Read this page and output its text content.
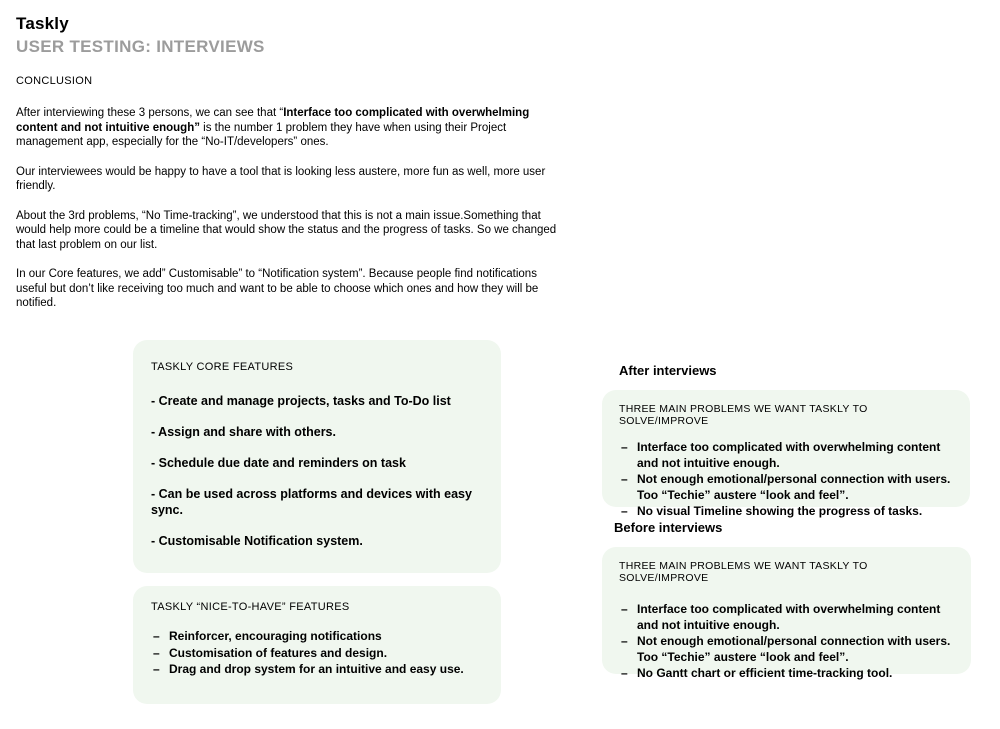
Taskly
USER TESTING: INTERVIEWS
CONCLUSION

After interviewing these 3 persons, we can see that “Interface too complicated with overwhelming content and not intuitive enough” is the number 1 problem they have when using their Project management app, especially for the “No-IT/developers” ones.

Our interviewees would be happy to have a tool that is looking less austere, more fun as well, more user friendly.

About the 3rd problems, “No Time-tracking”, we understood that this is not a main issue.Something that would help more could be a timeline that would show the status and the progress of tasks. So we changed that last problem on our list.

In our Core features, we add” Customisable” to “Notification system”. Because people find notifications useful but don’t like receiving too much and want to be able to choose which ones and how they will be notified.

TASKLY CORE FEATURES
- Create and manage projects, tasks and To-Do list
- Assign and share with others.
- Schedule due date and reminders on task
- Can be used across platforms and devices with easy sync.
- Customisable Notification system.
TASKLY “NICE-TO-HAVE” FEATURES
– Reinforcer, encouraging notifications
– Customisation of features and design.
– Drag and drop system for an intuitive and easy use.
After interviews
THREE MAIN PROBLEMS WE WANT TASKLY TO SOLVE/IMPROVE
– Interface too complicated with overwhelming content and not intuitive enough.
– Not enough emotional/personal connection with users. Too “Techie” austere “look and feel”.
– No visual Timeline showing the progress of tasks.
Before interviews
THREE MAIN PROBLEMS WE WANT TASKLY TO SOLVE/IMPROVE
– Interface too complicated with overwhelming content and not intuitive enough.
– Not enough emotional/personal connection with users. Too “Techie” austere “look and feel”.
– No Gantt chart or efficient time-tracking tool.
